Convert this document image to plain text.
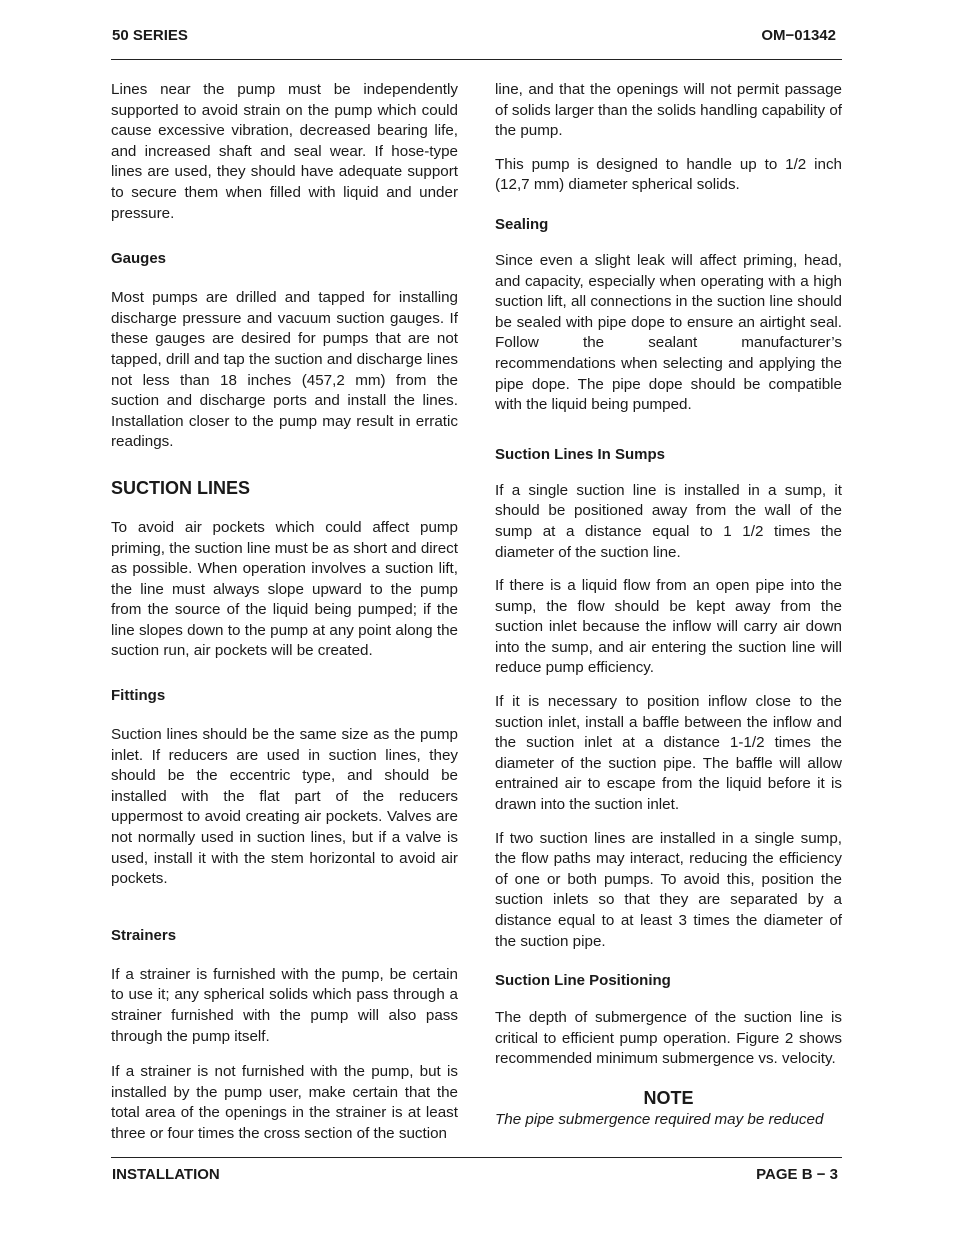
50 SERIES	OM−01342

Lines near the pump must be independently supported to avoid strain on the pump which could cause excessive vibration, decreased bearing life, and increased shaft and seal wear. If hose-type lines are used, they should have adequate support to secure them when filled with liquid and under pressure.

Gauges

Most pumps are drilled and tapped for installing discharge pressure and vacuum suction gauges. If these gauges are desired for pumps that are not tapped, drill and tap the suction and discharge lines not less than 18 inches (457,2 mm) from the suction and discharge ports and install the lines. Installation closer to the pump may result in erratic readings.

SUCTION LINES

To avoid air pockets which could affect pump priming, the suction line must be as short and direct as possible. When operation involves a suction lift, the line must always slope upward to the pump from the source of the liquid being pumped; if the line slopes down to the pump at any point along the suction run, air pockets will be created.

Fittings

Suction lines should be the same size as the pump inlet. If reducers are used in suction lines, they should be the eccentric type, and should be installed with the flat part of the reducers uppermost to avoid creating air pockets. Valves are not normally used in suction lines, but if a valve is used, install it with the stem horizontal to avoid air pockets.

Strainers

If a strainer is furnished with the pump, be certain to use it; any spherical solids which pass through a strainer furnished with the pump will also pass through the pump itself.

If a strainer is not furnished with the pump, but is installed by the pump user, make certain that the total area of the openings in the strainer is at least three or four times the cross section of the suction

line, and that the openings will not permit passage of solids larger than the solids handling capability of the pump.

This pump is designed to handle up to 1/2 inch (12,7 mm) diameter spherical solids.

Sealing

Since even a slight leak will affect priming, head, and capacity, especially when operating with a high suction lift, all connections in the suction line should be sealed with pipe dope to ensure an airtight seal. Follow the sealant manufacturer’s recommendations when selecting and applying the pipe dope. The pipe dope should be compatible with the liquid being pumped.

Suction Lines In Sumps

If a single suction line is installed in a sump, it should be positioned away from the wall of the sump at a distance equal to 1 1/2 times the diameter of the suction line.

If there is a liquid flow from an open pipe into the sump, the flow should be kept away from the suction inlet because the inflow will carry air down into the sump, and air entering the suction line will reduce pump efficiency.

If it is necessary to position inflow close to the suction inlet, install a baffle between the inflow and the suction inlet at a distance 1-1/2 times the diameter of the suction pipe. The baffle will allow entrained air to escape from the liquid before it is drawn into the suction inlet.

If two suction lines are installed in a single sump, the flow paths may interact, reducing the efficiency of one or both pumps. To avoid this, position the suction inlets so that they are separated by a distance equal to at least 3 times the diameter of the suction pipe.

Suction Line Positioning

The depth of submergence of the suction line is critical to efficient pump operation. Figure 2 shows recommended minimum submergence vs. velocity.

NOTE

The pipe submergence required may be reduced

INSTALLATION	PAGE B − 3
